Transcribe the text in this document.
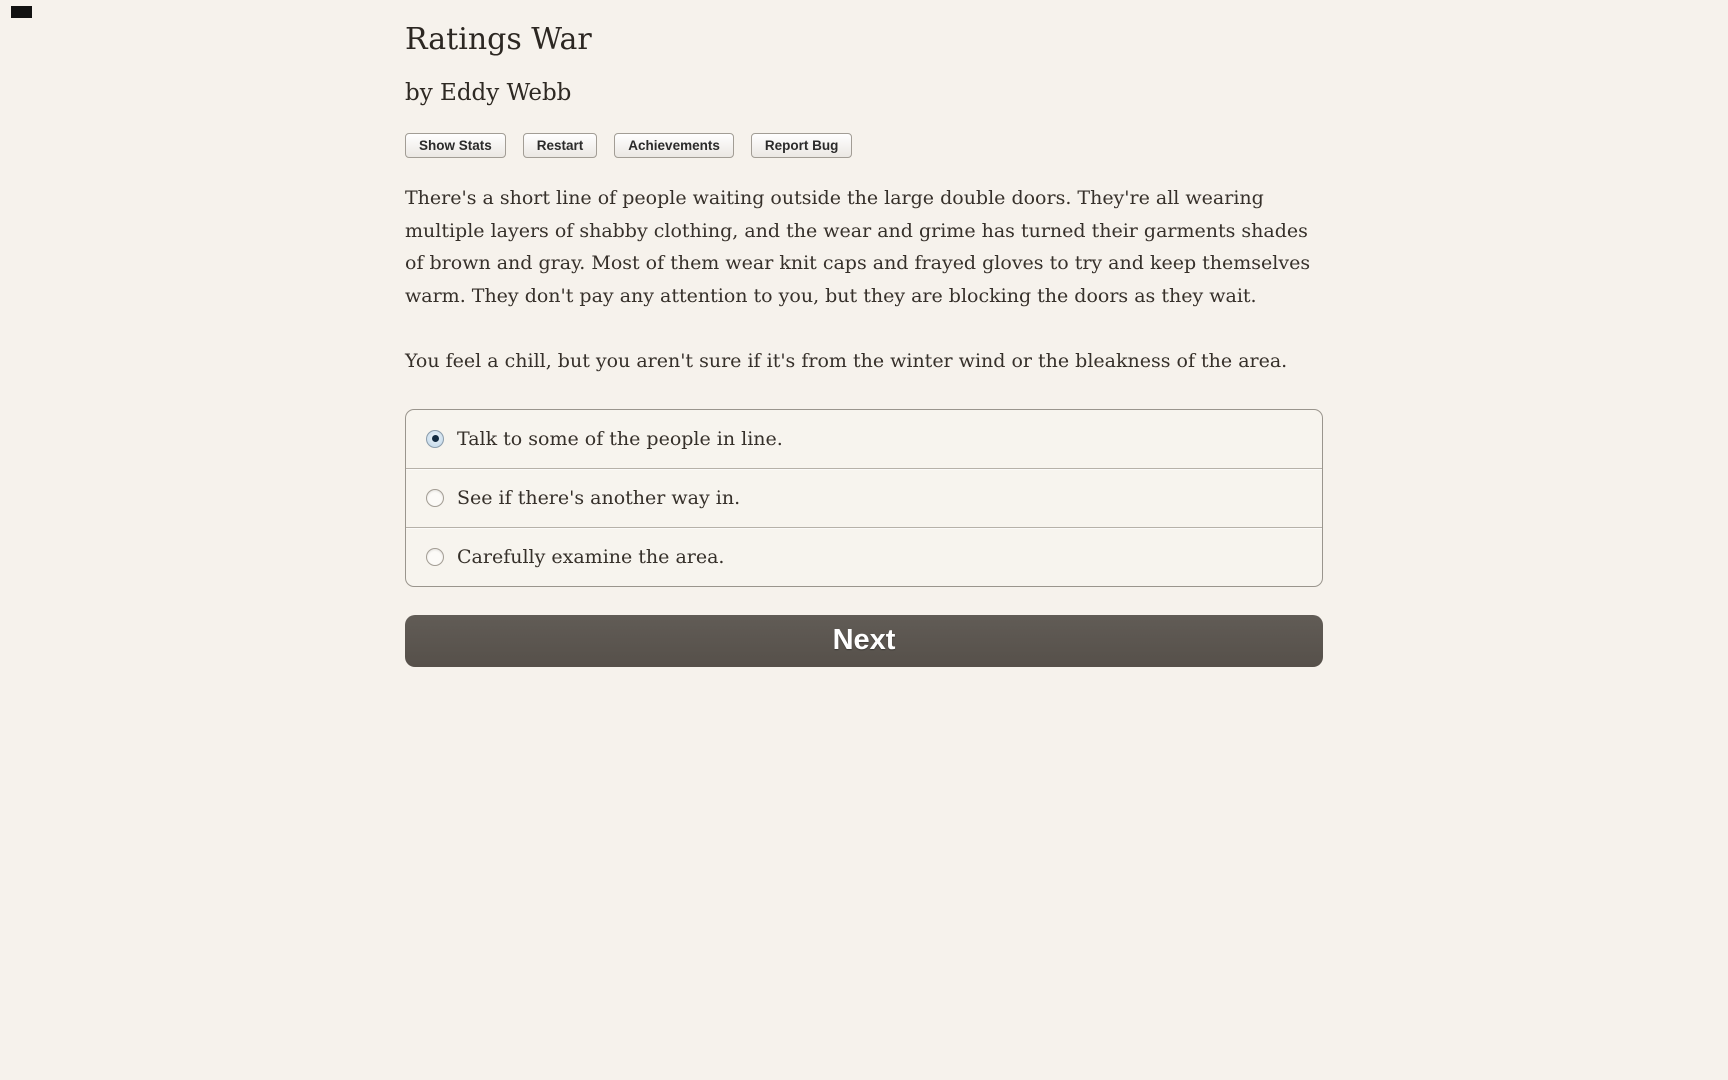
Ratings War
by Eddy Webb
Show Stats	Restart	Achievements	Report Bug

There's a short line of people waiting outside the large double doors. They're all wearing multiple layers of shabby clothing, and the wear and grime has turned their garments shades of brown and gray. Most of them wear knit caps and frayed gloves to try and keep themselves warm. They don't pay any attention to you, but they are blocking the doors as they wait.

You feel a chill, but you aren't sure if it's from the winter wind or the bleakness of the area.

Talk to some of the people in line.
See if there's another way in.
Carefully examine the area.
Next
